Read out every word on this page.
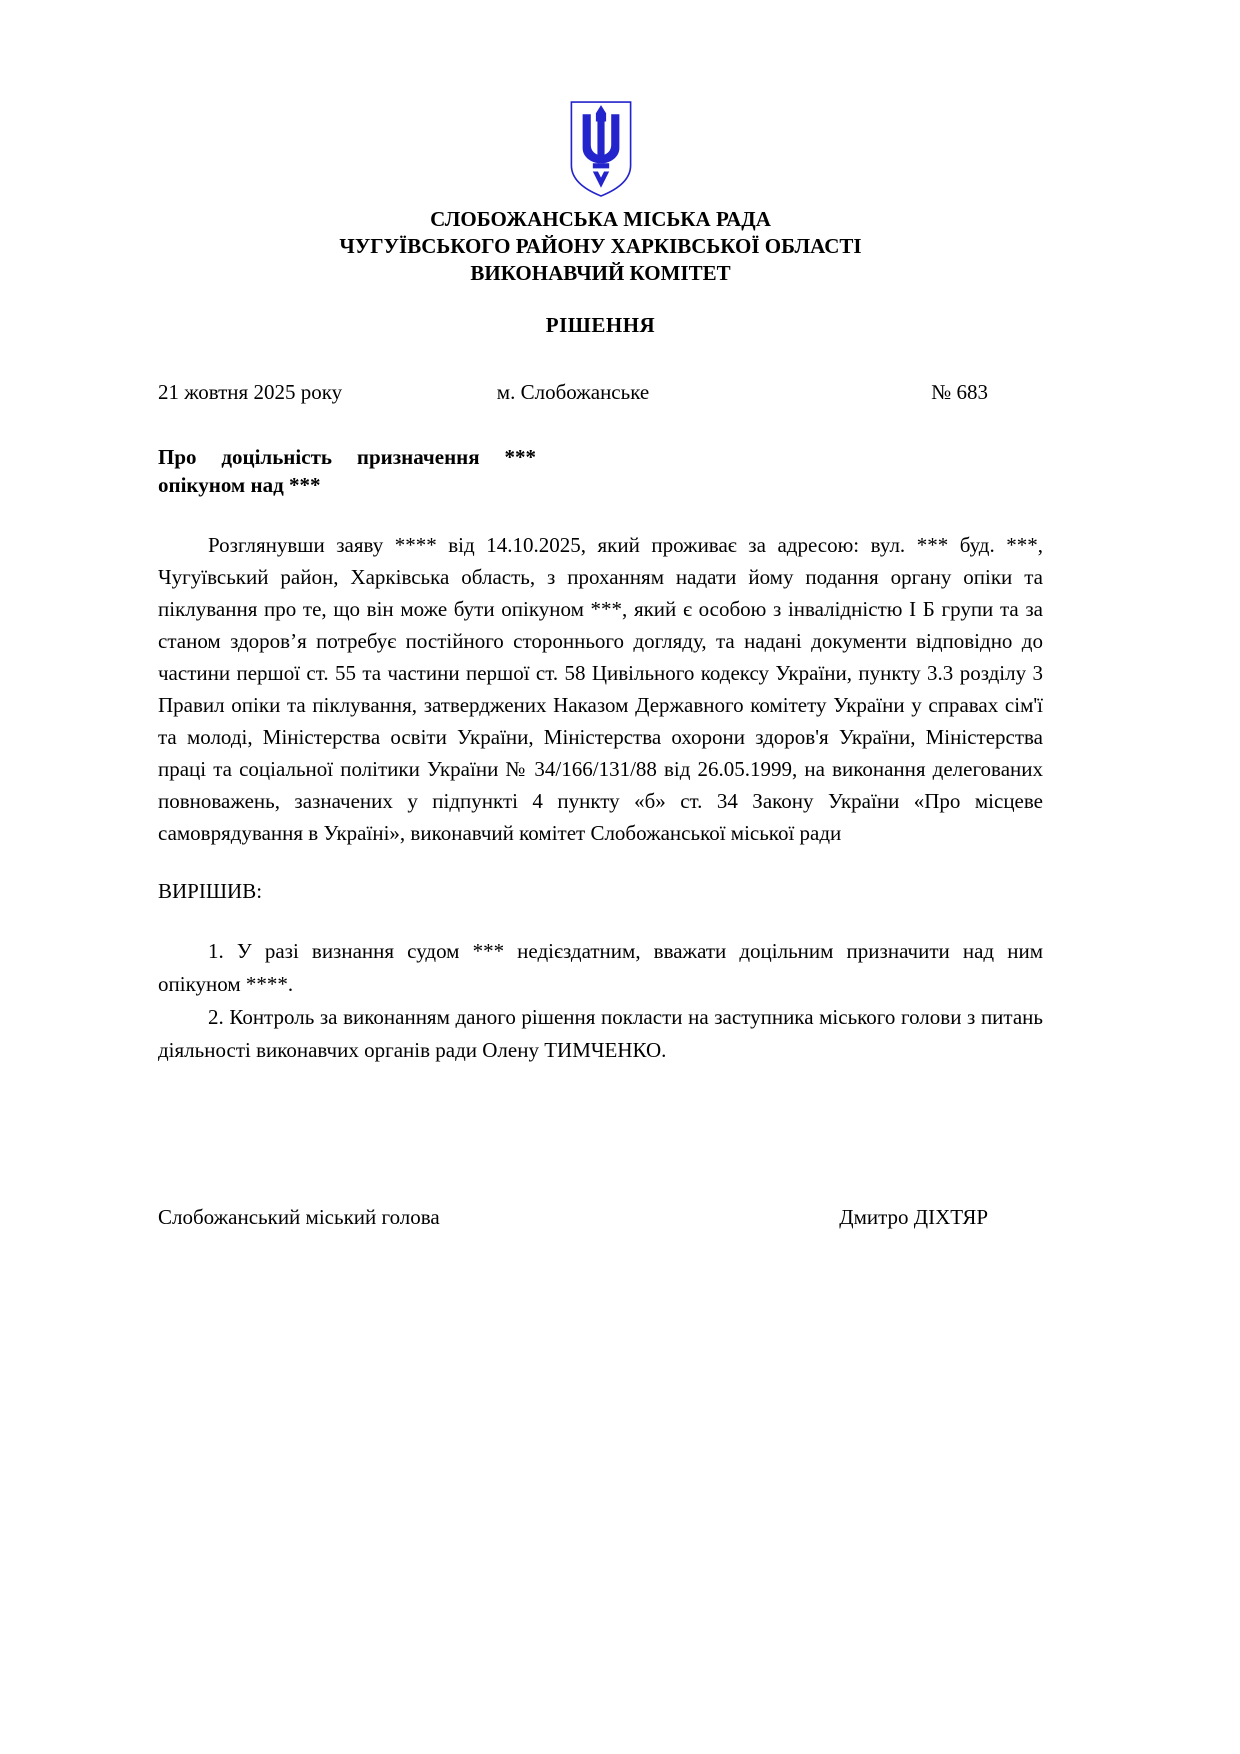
СЛОБОЖАНСЬКА МІСЬКА РАДА
ЧУГУЇВСЬКОГО РАЙОНУ ХАРКІВСЬКОЇ ОБЛАСТІ
ВИКОНАВЧИЙ КОМІТЕТ
РІШЕННЯ
21 жовтня 2025 року	м. Слобожанське	№ 683
Про доцільність призначення ***
опікуном над ***

Розглянувши заяву **** від 14.10.2025, який проживає за адресою: вул. *** буд. ***, Чугуївський район, Харківська область, з проханням надати йому подання органу опіки та піклування про те, що він може бути опікуном ***, який є особою з інвалідністю І Б групи та за станом здоров’я потребує постійного стороннього догляду, та надані документи відповідно до частини першої ст. 55 та частини першої ст. 58 Цивільного кодексу України, пункту 3.3 розділу 3 Правил опіки та піклування, затверджених Наказом Державного комітету України у справах сім'ї та молоді, Міністерства освіти України, Міністерства охорони здоров'я України, Міністерства праці та соціальної політики України № 34/166/131/88 від 26.05.1999, на виконання делегованих повноважень, зазначених у підпункті 4 пункту «б» ст. 34 Закону України «Про місцеве самоврядування в Україні», виконавчий комітет Слобожанської міської ради

ВИРІШИВ:

1. У разі визнання судом *** недієздатним, вважати доцільним призначити над ним опікуном ****.

2. Контроль за виконанням даного рішення покласти на заступника міського голови з питань діяльності виконавчих органів ради Олену ТИМЧЕНКО.

Слобожанський міський голова	Дмитро ДІХТЯР
